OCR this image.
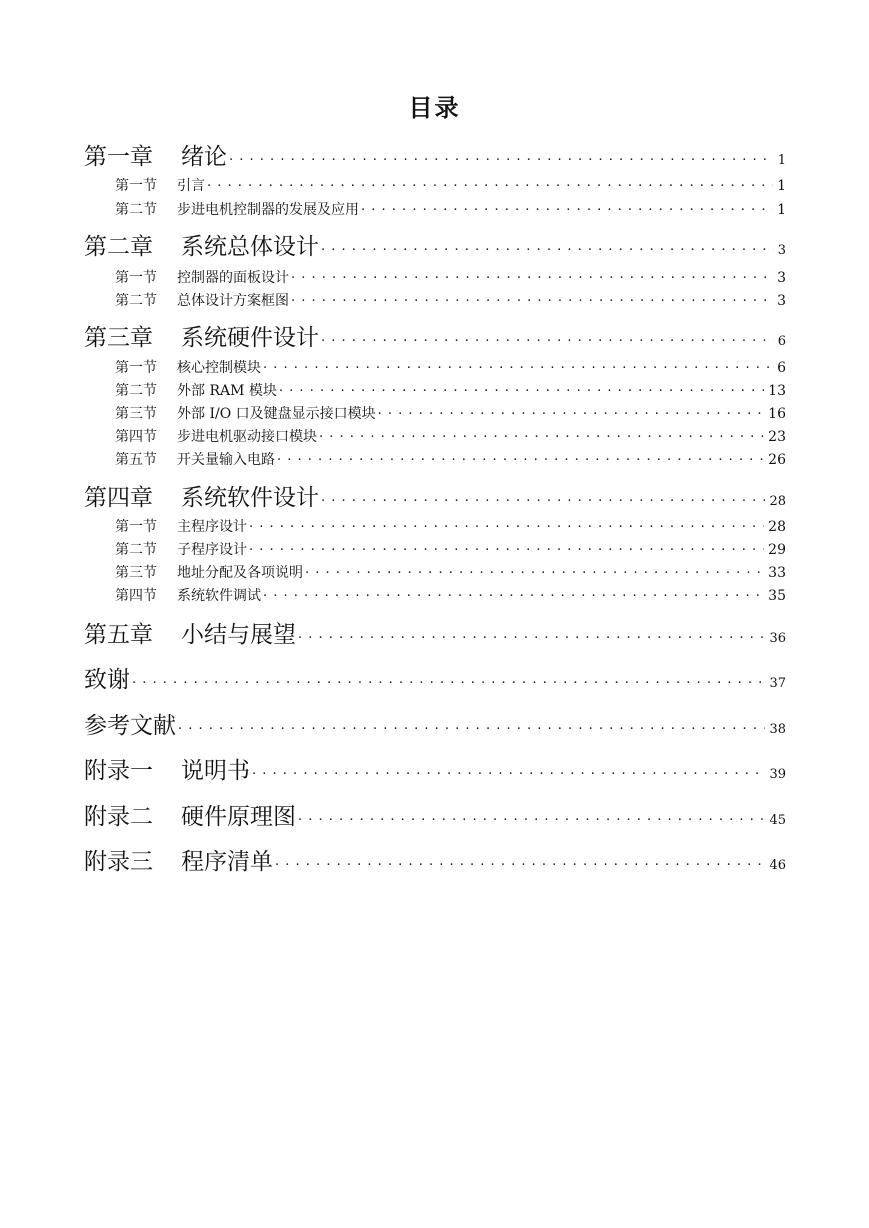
目录
第一章 绪论 . . .	1
第一节 引言 . . .	1
第二节 步进电机控制器的发展及应用 . . .	1
第二章 系统总体设计 . . .	3
第一节 控制器的面板设计 . . .	3
第二节 总体设计方案框图 . . .	3
第三章 系统硬件设计 . . .	6
第一节 核心控制模块 . . .	6
第二节 外部 RAM 模块 . . .	13
第三节 外部 I/O 口及键盘显示接口模块 . . .	16
第四节 步进电机驱动接口模块 . . .	23
第五节 开关量输入电路 . . .	26
第四章 系统软件设计 . . .	28
第一节 主程序设计 . . .	28
第二节 子程序设计 . . .	29
第三节 地址分配及各项说明 . . .	33
第四节 系统软件调试 . . .	35
第五章 小结与展望 . . .	36
致谢 . . .	37
参考文献 . . .	38
附录一 说明书 . . .	39
附录二 硬件原理图 . . .	45
附录三 程序清单 . . .	46
